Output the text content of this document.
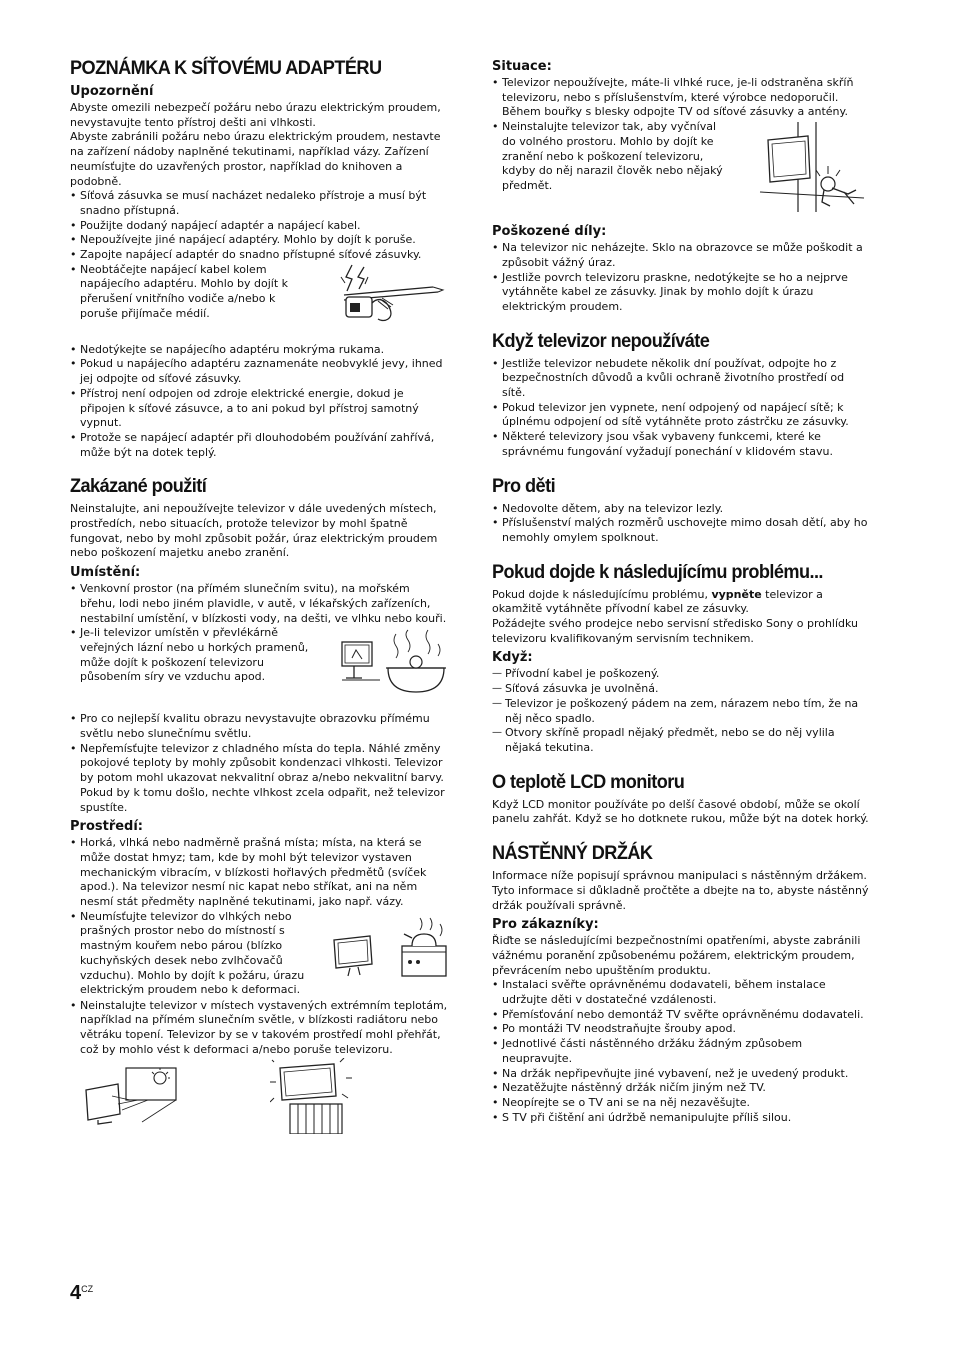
POZNÁMKA K SÍŤOVÉMU ADAPTÉRU
Upozornění

Abyste omezili nebezpečí požáru nebo úrazu elektrickým proudem, nevystavujte tento přístroj dešti ani vlhkosti.

Abyste zabránili požáru nebo úrazu elektrickým proudem, nestavte na zařízení nádoby naplněné tekutinami, například vázy. Zařízení neumísťujte do uzavřených prostor, například do knihoven a podobně.

• Síťová zásuvka se musí nacházet nedaleko přístroje a musí být snadno přístupná.
• Použijte dodaný napájecí adaptér a napájecí kabel.
• Nepoužívejte jiné napájecí adaptéry. Mohlo by dojít k poruše.
• Zapojte napájecí adaptér do snadno přístupné síťové zásuvky.
• Neobtáčejte napájecí kabel kolem napájecího adaptéru. Mohlo by dojít k přerušení vnitřního vodiče a/nebo k poruše přijímače médií.
• Nedotýkejte se napájecího adaptéru mokrýma rukama.
• Pokud u napájecího adaptéru zaznamenáte neobvyklé jevy, ihned jej odpojte od síťové zásuvky.
• Přístroj není odpojen od zdroje elektrické energie, dokud je připojen k síťové zásuvce, a to ani pokud byl přístroj samotný vypnut.
• Protože se napájecí adaptér při dlouhodobém používání zahřívá, může být na dotek teplý.
Zakázané použití

Neinstalujte, ani nepoužívejte televizor v dále uvedených místech, prostředích, nebo situacích, protože televizor by mohl špatně fungovat, nebo by mohl způsobit požár, úraz elektrickým proudem nebo poškození majetku anebo zranění.

Umístění:
• Venkovní prostor (na přímém slunečním svitu), na mořském břehu, lodi nebo jiném plavidle, v autě, v lékařských zařízeních, nestabilní umístění, v blízkosti vody, na dešti, ve vlhku nebo kouři.
• Je-li televizor umístěn v převlékárně veřejných lázní nebo u horkých pramenů, může dojít k poškození televizoru působením síry ve vzduchu apod.
• Pro co nejlepší kvalitu obrazu nevystavujte obrazovku přímému světlu nebo slunečnímu světlu.
• Nepřemísťujte televizor z chladného místa do tepla. Náhlé změny pokojové teploty by mohly způsobit kondenzaci vlhkosti. Televizor by potom mohl ukazovat nekvalitní obraz a/nebo nekvalitní barvy. Pokud by k tomu došlo, nechte vlhkost zcela odpařit, než televizor spustíte.
Prostředí:
• Horká, vlhká nebo nadměrně prašná místa; místa, na která se může dostat hmyz; tam, kde by mohl být televizor vystaven mechanickým vibracím, v blízkosti hořlavých předmětů (svíček apod.). Na televizor nesmí nic kapat nebo stříkat, ani na něm nesmí stát předměty naplněné tekutinami, jako např. vázy.
• Neumísťujte televizor do vlhkých nebo prašných prostor nebo do místností s mastným kouřem nebo párou (blízko kuchyňských desek nebo zvlhčovačů vzduchu). Mohlo by dojít k požáru, úrazu elektrickým proudem nebo k deformaci.
• Neinstalujte televizor v místech vystavených extrémním teplotám, například na přímém slunečním světle, v blízkosti radiátoru nebo větráku topení. Televizor by se v takovém prostředí mohl přehřát, což by mohlo vést k deformaci a/nebo poruše televizoru.
Situace:
• Televizor nepoužívejte, máte-li vlhké ruce, je-li odstraněna skříň televizoru, nebo s příslušenstvím, které výrobce nedoporučil. Během bouřky s blesky odpojte TV od síťové zásuvky a antény.
• Neinstalujte televizor tak, aby vyčníval do volného prostoru. Mohlo by dojít ke zranění nebo k poškození televizoru, kdyby do něj narazil člověk nebo nějaký předmět.
Poškozené díly:
• Na televizor nic neházejte. Sklo na obrazovce se může poškodit a způsobit vážný úraz.
• Jestliže povrch televizoru praskne, nedotýkejte se ho a nejprve vytáhněte kabel ze zásuvky. Jinak by mohlo dojít k úrazu elektrickým proudem.
Když televizor nepoužíváte
• Jestliže televizor nebudete několik dní používat, odpojte ho z bezpečnostních důvodů a kvůli ochraně životního prostředí od sítě.
• Pokud televizor jen vypnete, není odpojený od napájecí sítě; k úplnému odpojení od sítě vytáhněte proto zástrčku ze zásuvky.
• Některé televizory jsou však vybaveny funkcemi, které ke správnému fungování vyžadují ponechání v klidovém stavu.
Pro děti
• Nedovolte dětem, aby na televizor lezly.
• Příslušenství malých rozměrů uschovejte mimo dosah dětí, aby ho nemohly omylem spolknout.
Pokud dojde k následujícímu problému...

Pokud dojde k následujícímu problému, vypněte televizor a okamžitě vytáhněte přívodní kabel ze zásuvky.

Požádejte svého prodejce nebo servisní středisko Sony o prohlídku televizoru kvalifikovaným servisním technikem.

Když:
— Přívodní kabel je poškozený.
— Síťová zásuvka je uvolněná.
— Televizor je poškozený pádem na zem, nárazem nebo tím, že na něj něco spadlo.
— Otvory skříně propadl nějaký předmět, nebo se do něj vylila nějaká tekutina.
O teplotě LCD monitoru

Když LCD monitor používáte po delší časové období, může se okolí panelu zahřát. Když se ho dotknete rukou, může být na dotek horký.

NÁSTĚNNÝ DRŽÁK

Informace níže popisují správnou manipulaci s nástěnným držákem. Tyto informace si důkladně pročtěte a dbejte na to, abyste nástěnný držák používali správně.

Pro zákazníky:

Řiďte se následujícími bezpečnostními opatřeními, abyste zabránili vážnému poranění způsobenému požárem, elektrickým proudem, převrácením nebo upuštěním produktu.

• Instalaci svěřte oprávněnému dodavateli, během instalace udržujte děti v dostatečné vzdálenosti.
• Přemísťování nebo demontáž TV svěřte oprávněnému dodavateli.
• Po montáži TV neodstraňujte šrouby apod.
• Jednotlivé části nástěnného držáku žádným způsobem neupravujte.
• Na držák nepřipevňujte jiné vybavení, než je uvedený produkt.
• Nezatěžujte nástěnný držák ničím jiným než TV.
• Neopírejte se o TV ani se na něj nezavěšujte.
• S TV při čištění ani údržbě nemanipulujte příliš silou.
$4^{CZ}$
